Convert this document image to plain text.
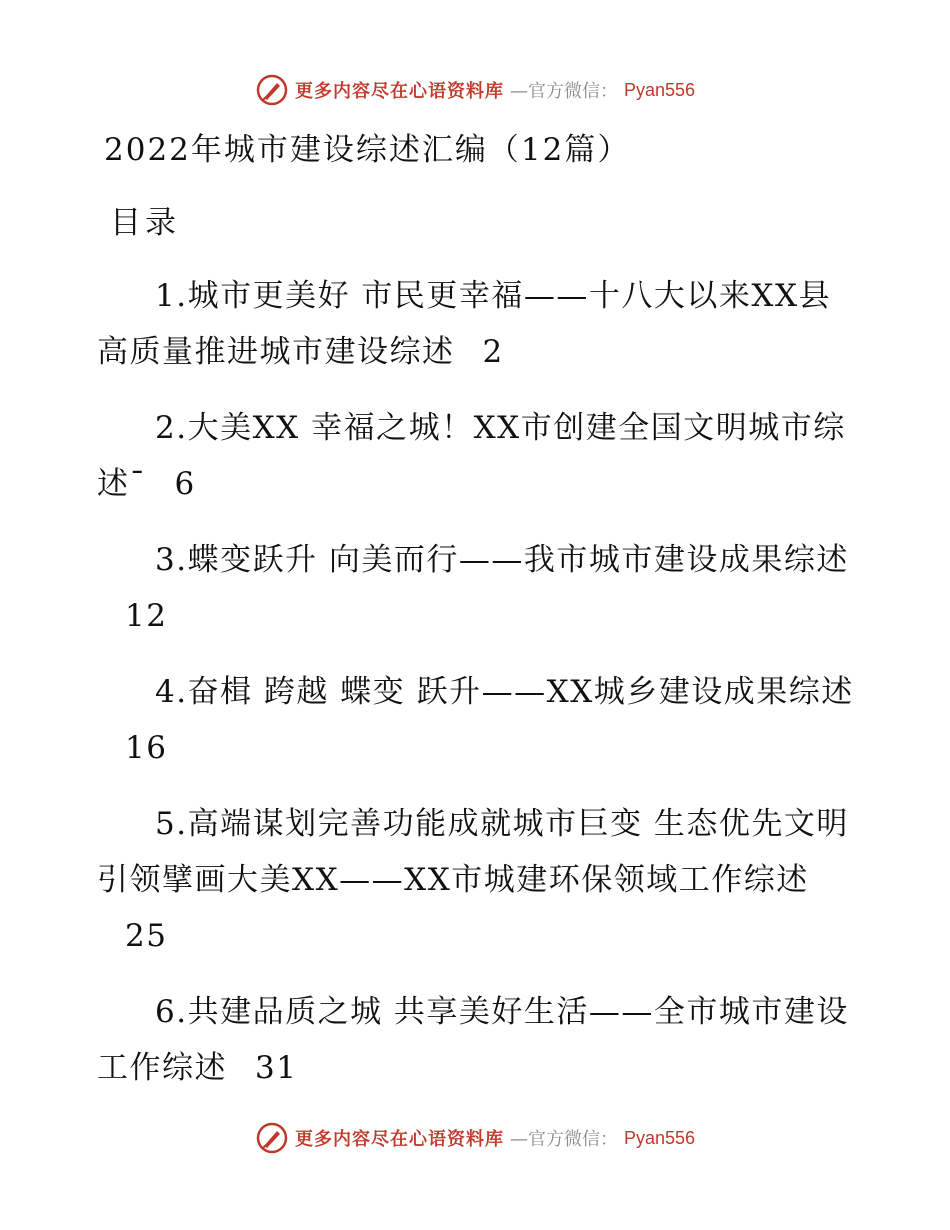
更多内容尽在心语资料库 —官方微信： Pyan556
2022年城市建设综述汇编（12篇）
目录

1.城市更美好 市民更幸福——十八大以来XX县高质量推进城市建设综述 2

2.大美XX 幸福之城！XX市创建全国文明城市综述¯ 6

3.蝶变跃升 向美而行——我市城市建设成果综述12

4.奋楫 跨越 蝶变 跃升——XX城乡建设成果综述16

5.高端谋划完善功能成就城市巨变 生态优先文明引领擘画大美XX——XX市城建环保领域工作综述25

6.共建品质之城 共享美好生活——全市城市建设工作综述 31

更多内容尽在心语资料库 —官方微信： Pyan556
